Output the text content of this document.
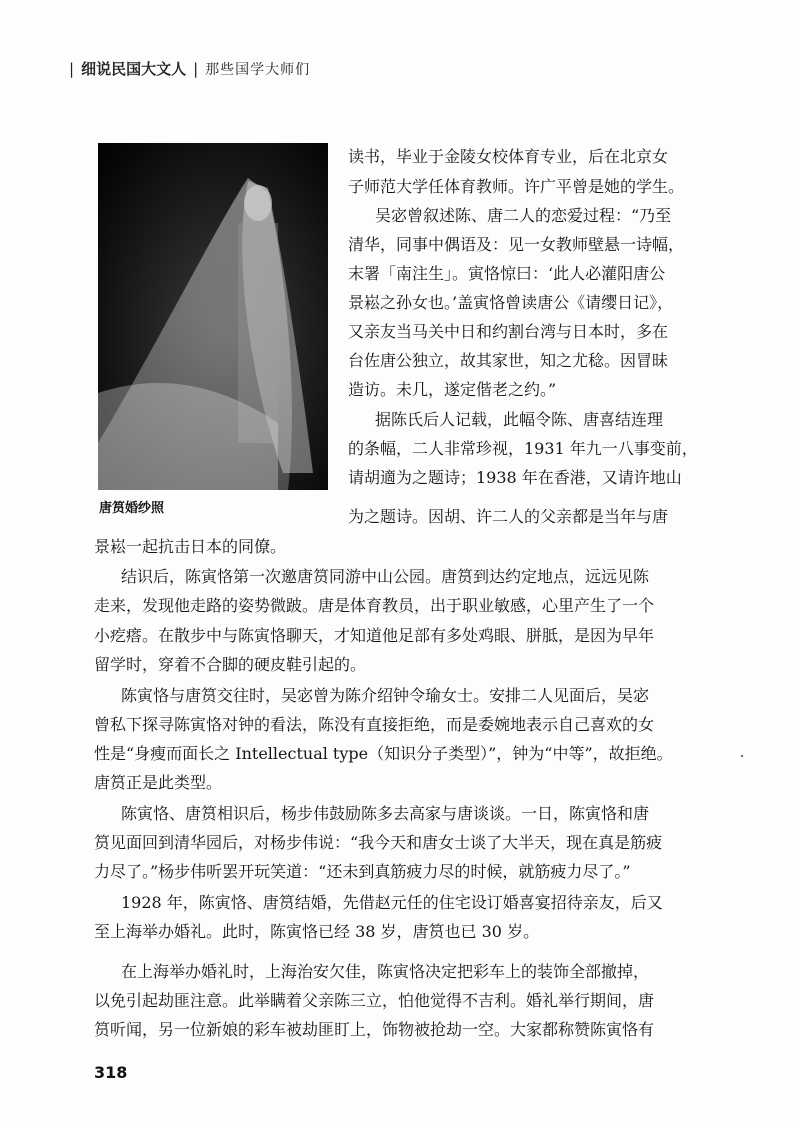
| 细说民国大文人 | 那些国学大师们
唐筼婚纱照
读书，毕业于金陵女校体育专业，后在北京女
子师范大学任体育教师。许广平曾是她的学生。
吴宓曾叙述陈、唐二人的恋爱过程：“乃至
清华，同事中偶语及：见一女教师壁悬一诗幅，
末署「南注生」。寅恪惊曰：‘此人必灌阳唐公
景崧之孙女也。’盖寅恪曾读唐公《请缨日记》，
又亲友当马关中日和约割台湾与日本时，多在
台佐唐公独立，故其家世，知之尤稔。因冒昧
造访。未几，遂定偕老之约。”
据陈氏后人记载，此幅令陈、唐喜结连理
的条幅，二人非常珍视，1931 年九一八事变前，
请胡適为之题诗；1938 年在香港，又请许地山
为之题诗。因胡、许二人的父亲都是当年与唐
景崧一起抗击日本的同僚。
结识后，陈寅恪第一次邀唐筼同游中山公园。唐筼到达约定地点，远远见陈
走来，发现他走路的姿势微跛。唐是体育教员，出于职业敏感，心里产生了一个
小疙瘩。在散步中与陈寅恪聊天，才知道他足部有多处鸡眼、胼胝，是因为早年
留学时，穿着不合脚的硬皮鞋引起的。
陈寅恪与唐筼交往时，吴宓曾为陈介绍钟令瑜女士。安排二人见面后，吴宓
曾私下探寻陈寅恪对钟的看法，陈没有直接拒绝，而是委婉地表示自己喜欢的女
性是“身瘦而面长之 Intellectual type（知识分子类型）”，钟为“中等”，故拒绝。
唐筼正是此类型。
陈寅恪、唐筼相识后，杨步伟鼓励陈多去高家与唐谈谈。一日，陈寅恪和唐
筼见面回到清华园后，对杨步伟说：“我今天和唐女士谈了大半天，现在真是筋疲
力尽了。”杨步伟听罢开玩笑道：“还未到真筋疲力尽的时候，就筋疲力尽了。”
1928 年，陈寅恪、唐筼结婚，先借赵元任的住宅设订婚喜宴招待亲友，后又
至上海举办婚礼。此时，陈寅恪已经 38 岁，唐筼也已 30 岁。
在上海举办婚礼时，上海治安欠佳，陈寅恪决定把彩车上的装饰全部撤掉，
以免引起劫匪注意。此举瞒着父亲陈三立，怕他觉得不吉利。婚礼举行期间，唐
筼听闻，另一位新娘的彩车被劫匪盯上，饰物被抢劫一空。大家都称赞陈寅恪有
318
